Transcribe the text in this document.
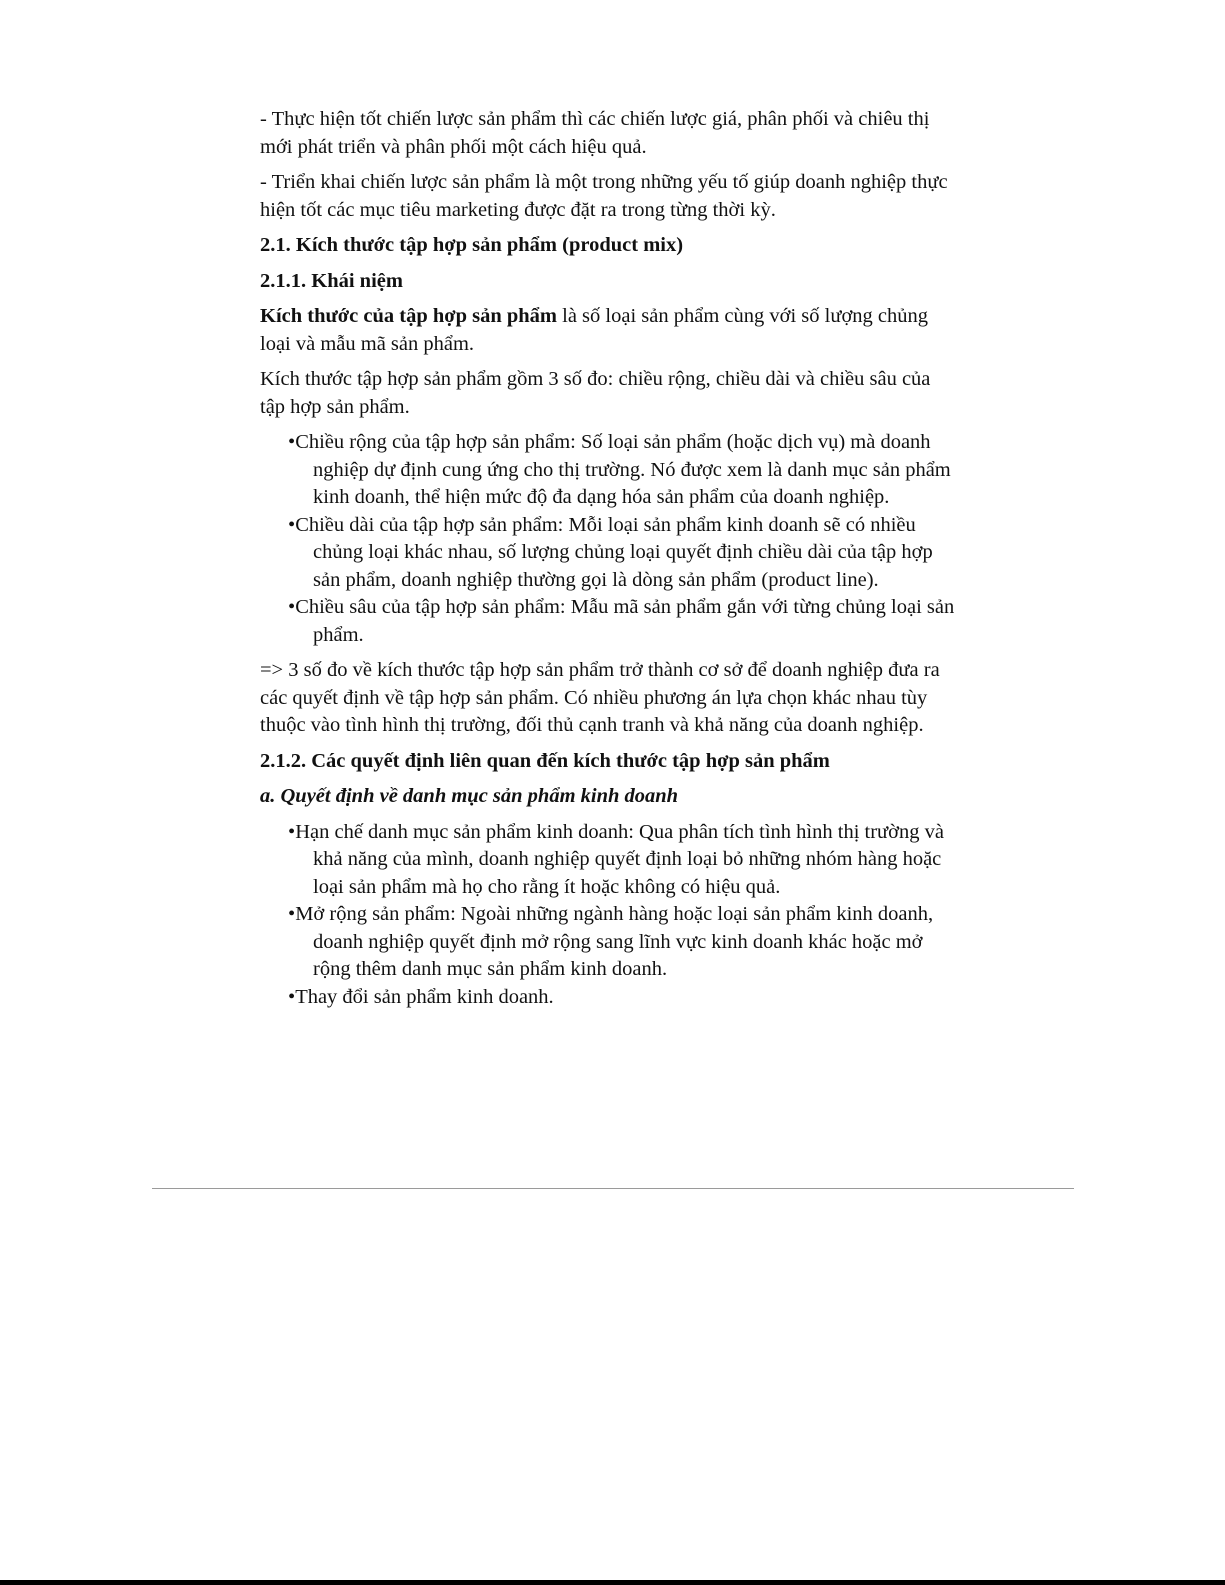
- Thực hiện tốt chiến lược sản phẩm thì các chiến lược giá, phân phối và chiêu thị mới phát triển và phân phối một cách hiệu quả.

- Triển khai chiến lược sản phẩm là một trong những yếu tố giúp doanh nghiệp thực hiện tốt các mục tiêu marketing được đặt ra trong từng thời kỳ.

2.1. Kích thước tập hợp sản phẩm (product mix)

2.1.1. Khái niệm

Kích thước của tập hợp sản phẩm là số loại sản phẩm cùng với số lượng chủng loại và mẫu mã sản phẩm.

Kích thước tập hợp sản phẩm gồm 3 số đo: chiều rộng, chiều dài và chiều sâu của tập hợp sản phẩm.

•Chiều rộng của tập hợp sản phẩm: Số loại sản phẩm (hoặc dịch vụ) mà doanh nghiệp dự định cung ứng cho thị trường. Nó được xem là danh mục sản phẩm kinh doanh, thể hiện mức độ đa dạng hóa sản phẩm của doanh nghiệp.
•Chiều dài của tập hợp sản phẩm: Mỗi loại sản phẩm kinh doanh sẽ có nhiều chủng loại khác nhau, số lượng chủng loại quyết định chiều dài của tập hợp sản phẩm, doanh nghiệp thường gọi là dòng sản phẩm (product line).
•Chiều sâu của tập hợp sản phẩm: Mẫu mã sản phẩm gắn với từng chủng loại sản phẩm.

=> 3 số đo về kích thước tập hợp sản phẩm trở thành cơ sở để doanh nghiệp đưa ra các quyết định về tập hợp sản phẩm. Có nhiều phương án lựa chọn khác nhau tùy thuộc vào tình hình thị trường, đối thủ cạnh tranh và khả năng của doanh nghiệp.

2.1.2. Các quyết định liên quan đến kích thước tập hợp sản phẩm

a. Quyết định về danh mục sản phẩm kinh doanh

•Hạn chế danh mục sản phẩm kinh doanh: Qua phân tích tình hình thị trường và khả năng của mình, doanh nghiệp quyết định loại bỏ những nhóm hàng hoặc loại sản phẩm mà họ cho rằng ít hoặc không có hiệu quả.
•Mở rộng sản phẩm: Ngoài những ngành hàng hoặc loại sản phẩm kinh doanh, doanh nghiệp quyết định mở rộng sang lĩnh vực kinh doanh khác hoặc mở rộng thêm danh mục sản phẩm kinh doanh.
•Thay đổi sản phẩm kinh doanh.
